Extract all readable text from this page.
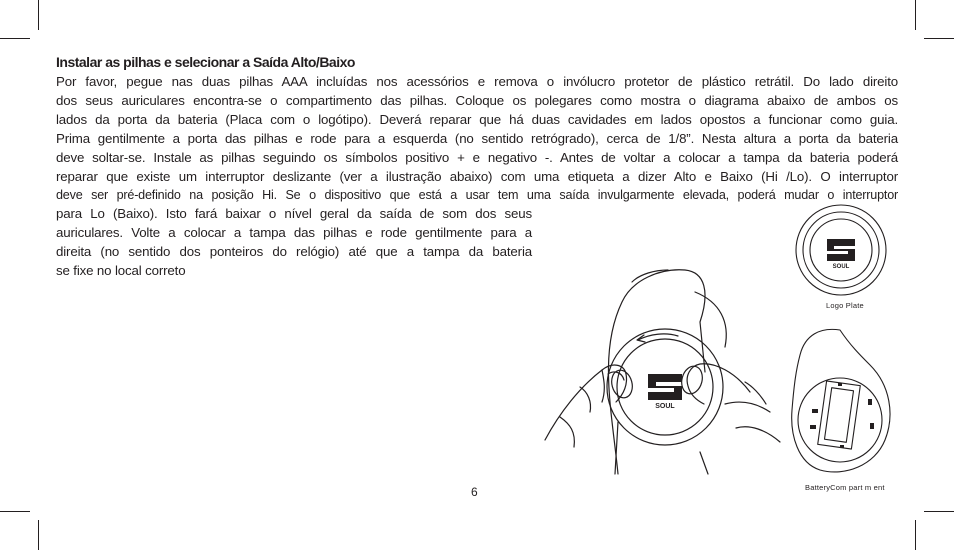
Instalar as pilhas e selecionar a Saída Alto/Baixo
Por favor, pegue nas duas pilhas AAA incluídas nos acessórios e remova o invólucro protetor de plástico retrátil. Do lado direito
dos seus auriculares encontra-se o compartimento das pilhas. Coloque os polegares como mostra o diagrama abaixo de ambos os
lados da porta da bateria (Placa com o logótipo). Deverá reparar que há duas cavidades em lados opostos a funcionar como guia.
Prima gentilmente a porta das pilhas e rode para a esquerda (no sentido retrógrado), cerca de 1/8”. Nesta altura a porta da bateria
deve soltar-se. Instale as pilhas seguindo os símbolos positivo + e negativo -. Antes de voltar a colocar a tampa da bateria poderá
reparar que existe um interruptor deslizante (ver a ilustração abaixo) com uma etiqueta a dizer Alto e Baixo (Hi /Lo). O interruptor
deve ser pré-definido na posição Hi. Se o dispositivo que está a usar tem uma saída invulgarmente elevada, poderá mudar o interruptor
para Lo (Baixo). Isto fará baixar o nível geral da saída de som dos seus
auriculares. Volte a colocar a tampa das pilhas e rode gentilmente para a
direita (no sentido dos ponteiros do relógio) até que a tampa da bateria
se fixe no local correto
SOUL
SOUL
Logo Plate
BatteryCom part m ent
6
